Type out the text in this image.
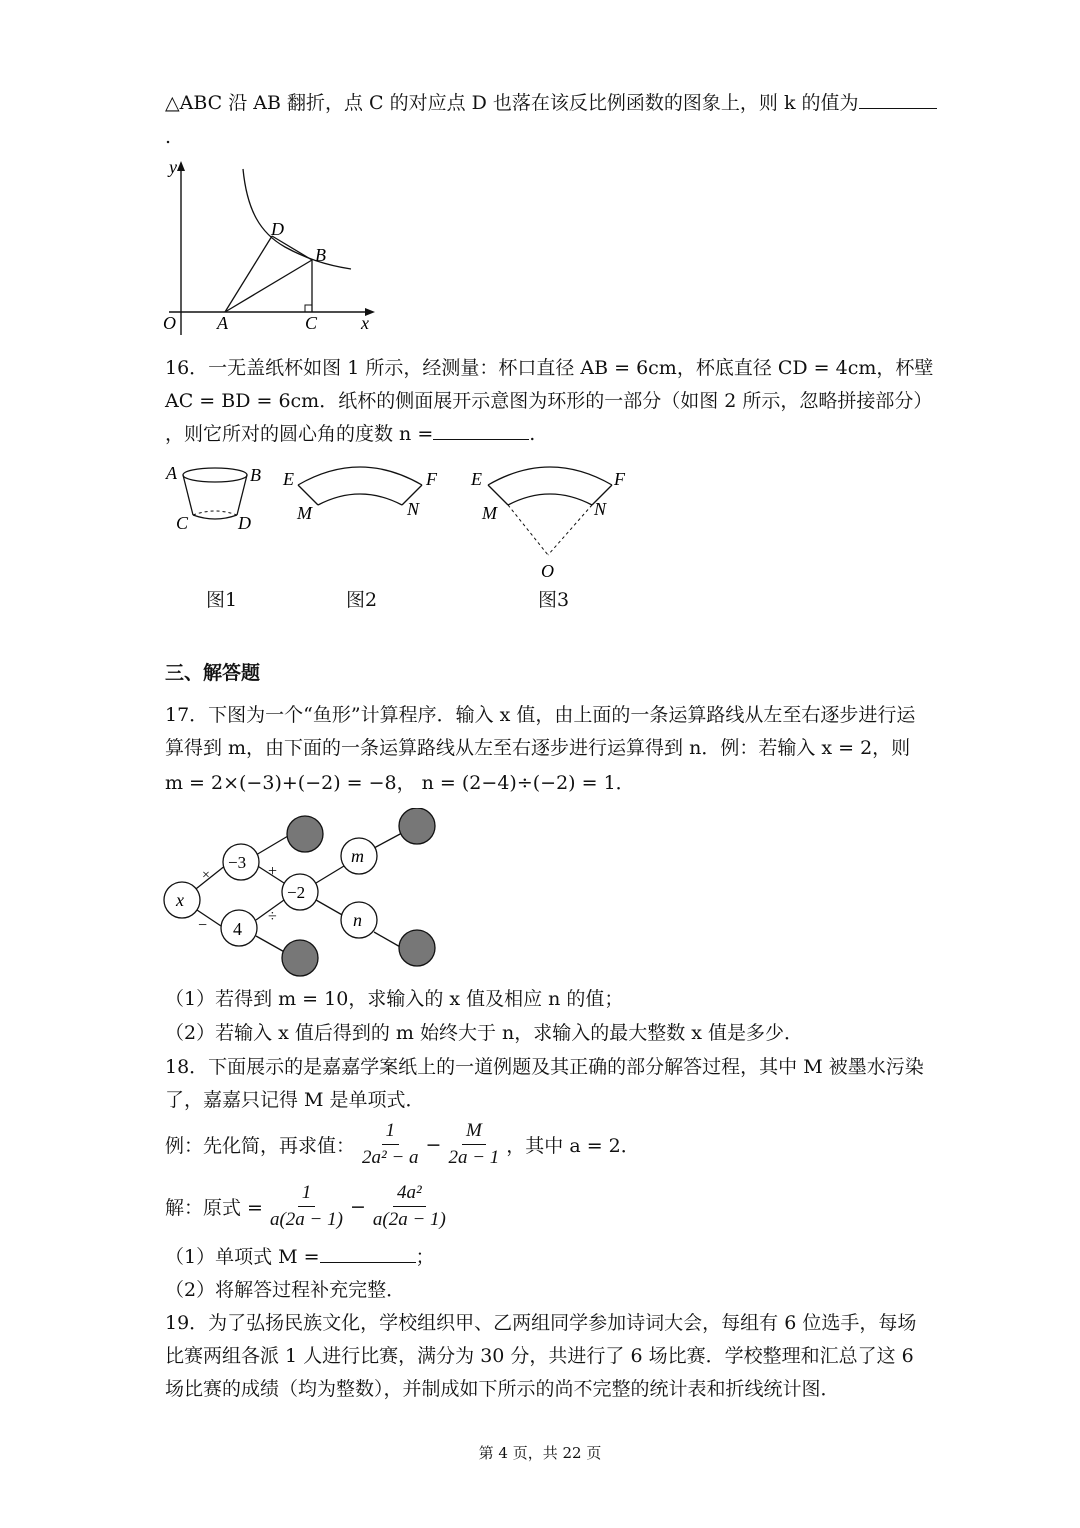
△ABC 沿 AB 翻折，点 C 的对应点 D 也落在该反比例函数的图象上，则 k 的值为
.
y
x
O A	C
B
D
16．一无盖纸杯如图 1 所示，经测量：杯口直径 AB = 6cm，杯底直径 CD = 4cm，杯壁
AC = BD = 6cm．纸杯的侧面展开示意图为环形的一部分（如图 2 所示，忽略拼接部分）
，则它所对的圆心角的度数 n =	.
A	B
C	D
E	F
M	N
E	F
M	N
O
图1	图2	图3
三、解答题
17．下图为一个“鱼形”计算程序．输入 x 值，由上面的一条运算路线从左至右逐步进行运
算得到 m，由下面的一条运算路线从左至右逐步进行运算得到 n．例：若输入 x = 2，则
m = 2×(−3)+(−2) = −8， n = (2−4)÷(−2) = 1．
x
−3
4
−2
m
n
×
−
+
÷
（1）若得到 m = 10，求输入的 x 值及相应 n 的值；
（2）若输入 x 值后得到的 m 始终大于 n，求输入的最大整数 x 值是多少．
18．下面展示的是嘉嘉学案纸上的一道例题及其正确的部分解答过程，其中 M 被墨水污染
了，嘉嘉只记得 M 是单项式．
例：先化简，再求值： $\frac{1}{\text{2a² − a}} - \frac{M}{2a - 1}$ ，其中 a = 2．
解：原式 = $\frac{1}{a(2a - 1)} - \frac{\text{4a²}}{a(2a - 1)}$
（1）单项式 M =	；
（2）将解答过程补充完整．
19．为了弘扬民族文化，学校组织甲、乙两组同学参加诗词大会，每组有 6 位选手，每场
比赛两组各派 1 人进行比赛，满分为 30 分，共进行了 6 场比赛．学校整理和汇总了这 6
场比赛的成绩（均为整数），并制成如下所示的尚不完整的统计表和折线统计图．
第 4 页，共 22 页
